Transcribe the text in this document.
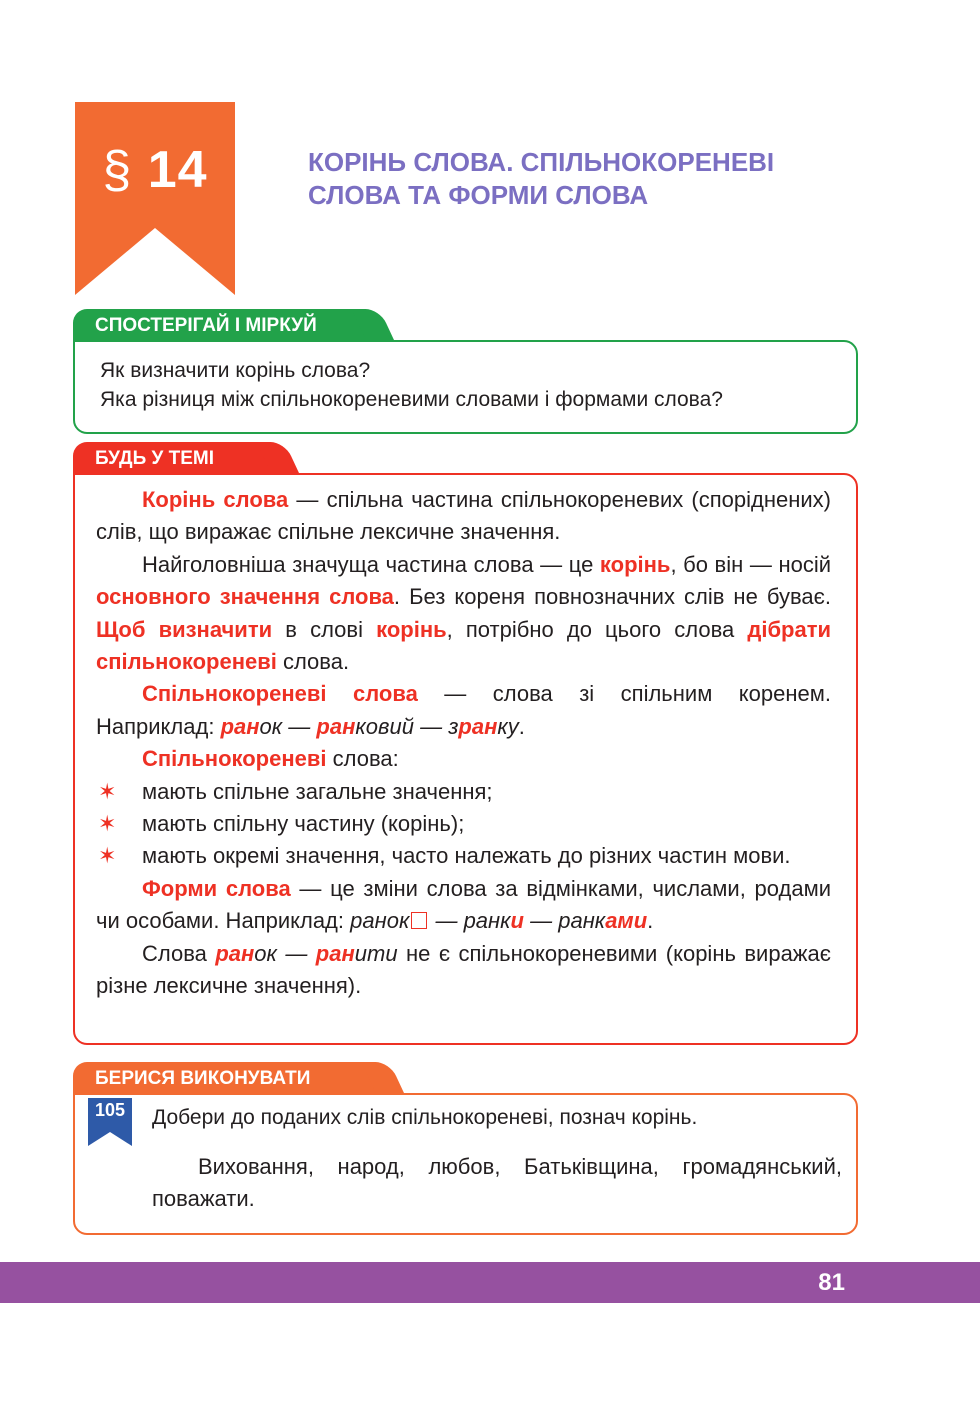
§ 14	КОРІНЬ СЛОВА. СПІЛЬНОКОРЕНЕВІ
СЛОВА ТА ФОРМИ СЛОВА
СПОСТЕРІГАЙ І МІРКУЙ

Як визначити корінь слова?

Яка різниця між спільнокореневими словами і формами слова?

БУДЬ У ТЕМІ

Корінь слова — спільна частина спільнокореневих (споріднених) слів, що виражає спільне лексичне значення.

Найголовніша значуща частина слова — це корінь, бо він — носій основного значення слова. Без кореня повнозначних слів не буває. Щоб визначити в слові корінь, потрібно до цього слова дібрати спільнокореневі слова.

Спільнокореневі слова — слова зі спільним коренем. Наприклад: ранок — ранковий — зранку.

Спільнокореневі слова:

✶ мають спільне загальне значення;

✶ мають спільну частину (корінь);

✶ мають окремі значення, часто належать до різних частин мови.

Форми слова — це зміни слова за відмінками, числами, родами чи особами. Наприклад: ранок — ранки — ранками.

Слова ранок — ранити не є спільнокореневими (корінь виражає різне лексичне значення).

БЕРИСЯ ВИКОНУВАТИ
105	Добери до поданих слів спільнокореневі, познач корінь.
Виховання, народ, любов, Батьківщина, громадянський, поважати.
81
